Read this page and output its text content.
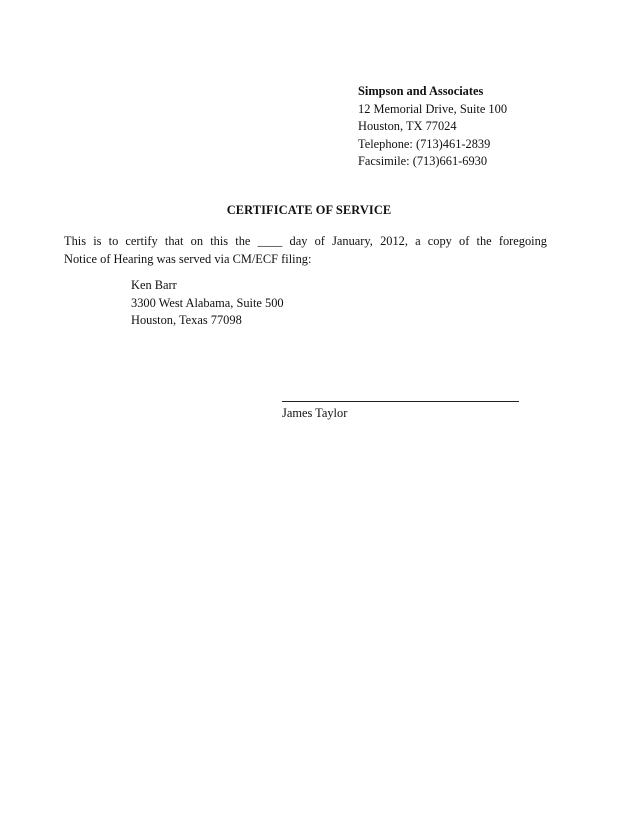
Simpson and Associates
12 Memorial Drive, Suite 100
Houston, TX 77024
Telephone: (713)461-2839
Facsimile: (713)661-6930
CERTIFICATE OF SERVICE
This is to certify that on this the ____ day of January, 2012, a copy of the foregoing
Notice of Hearing was served via CM/ECF filing:
Ken Barr
3300 West Alabama, Suite 500
Houston, Texas 77098
James Taylor
